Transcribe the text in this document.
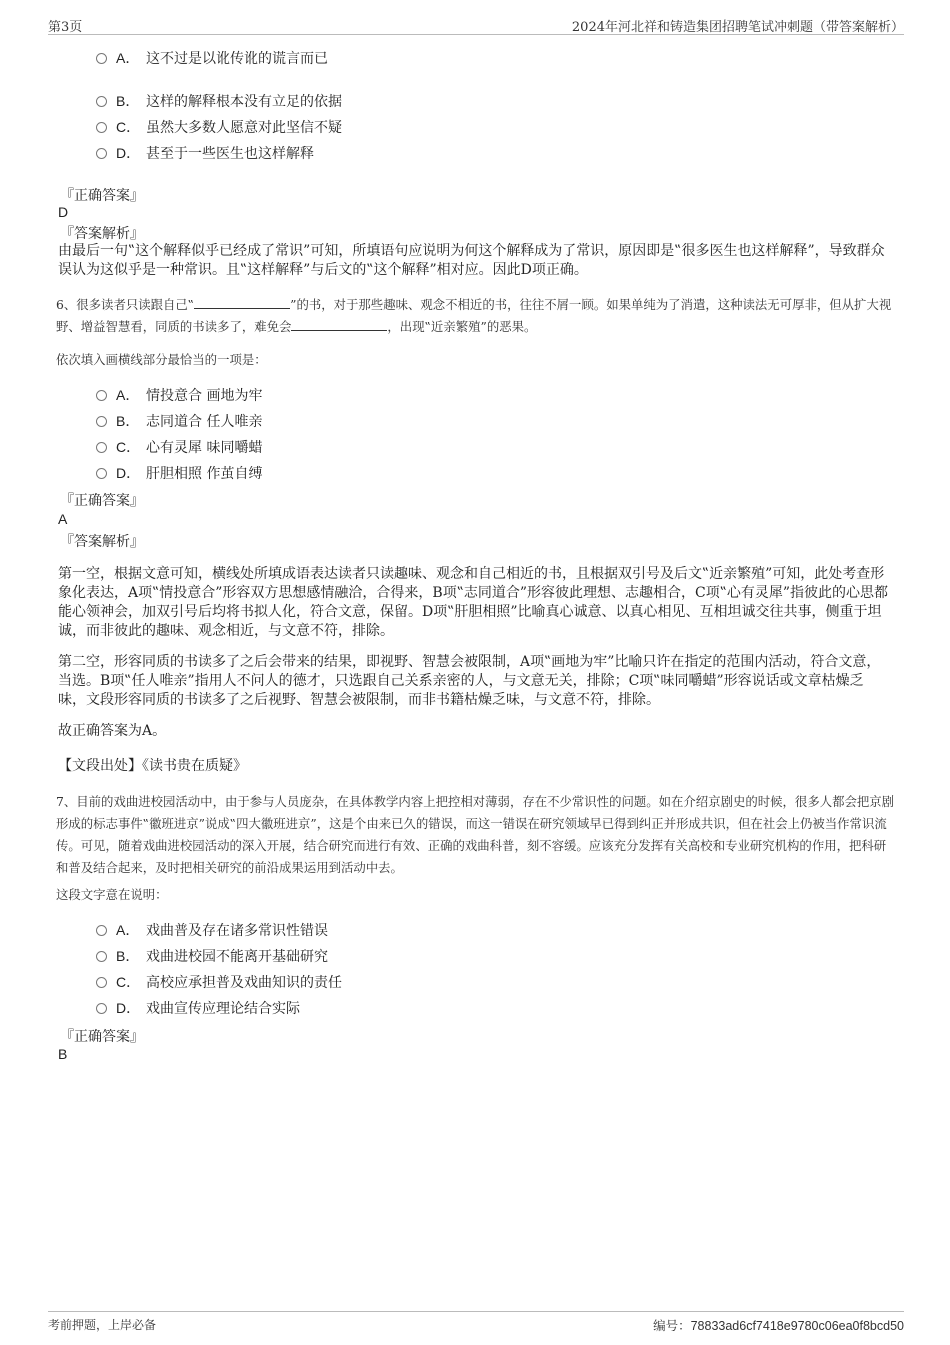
第3页	2024年河北祥和铸造集团招聘笔试冲刺题（带答案解析）
A． 这不过是以讹传讹的谎言而已
B． 这样的解释根本没有立足的依据
C． 虽然大多数人愿意对此坚信不疑
D． 甚至于一些医生也这样解释
『正确答案』
D
『答案解析』
由最后一句‟这个解释似乎已经成了常识”可知，所填语句应说明为何这个解释成为了常识，原因即是‟很多医生也这样解释”，导致群众误认为这似乎是一种常识。且‟这样解释”与后文的‟这个解释”相对应。因此D项正确。
6、很多读者只读跟自己‟	”的书，对于那些趣味、观念不相近的书，往往不屑一顾。如果单纯为了消遣，这种读法无可厚非，但从扩大视野、增益智慧看，同质的书读多了，难免会	，出现‟近亲繁殖”的恶果。
依次填入画横线部分最恰当的一项是：
A． 情投意合 画地为牢
B． 志同道合 任人唯亲
C． 心有灵犀 味同嚼蜡
D． 肝胆相照 作茧自缚
『正确答案』
A
『答案解析』
第一空，根据文意可知，横线处所填成语表达读者只读趣味、观念和自己相近的书，且根据双引号及后文‟近亲繁殖”可知，此处考查形象化表达，A项‟情投意合”形容双方思想感情融洽，合得来，B项‟志同道合”形容彼此理想、志趣相合，C项‟心有灵犀”指彼此的心思都能心领神会，加双引号后均将书拟人化，符合文意，保留。D项‟肝胆相照”比喻真心诚意、以真心相见、互相坦诚交往共事，侧重于坦诚，而非彼此的趣味、观念相近，与文意不符，排除。
第二空，形容同质的书读多了之后会带来的结果，即视野、智慧会被限制，A项‟画地为牢”比喻只许在指定的范围内活动，符合文意，当选。B项‟任人唯亲”指用人不问人的德才，只选跟自己关系亲密的人，与文意无关，排除；C项‟味同嚼蜡”形容说话或文章枯燥乏味，文段形容同质的书读多了之后视野、智慧会被限制，而非书籍枯燥乏味，与文意不符，排除。
故正确答案为A。
【文段出处】《读书贵在质疑》
7、目前的戏曲进校园活动中，由于参与人员庞杂，在具体教学内容上把控相对薄弱，存在不少常识性的问题。如在介绍京剧史的时候，很多人都会把京剧形成的标志事件‟徽班进京”说成‟四大徽班进京”，这是个由来已久的错误，而这一错误在研究领域早已得到纠正并形成共识，但在社会上仍被当作常识流传。可见，随着戏曲进校园活动的深入开展，结合研究而进行有效、正确的戏曲科普，刻不容缓。应该充分发挥有关高校和专业研究机构的作用，把科研和普及结合起来，及时把相关研究的前沿成果运用到活动中去。
这段文字意在说明：
A． 戏曲普及存在诸多常识性错误
B． 戏曲进校园不能离开基础研究
C． 高校应承担普及戏曲知识的责任
D． 戏曲宣传应理论结合实际
『正确答案』
B
考前押题，上岸必备	编号：78833ad6cf7418e9780c06ea0f8bcd50
